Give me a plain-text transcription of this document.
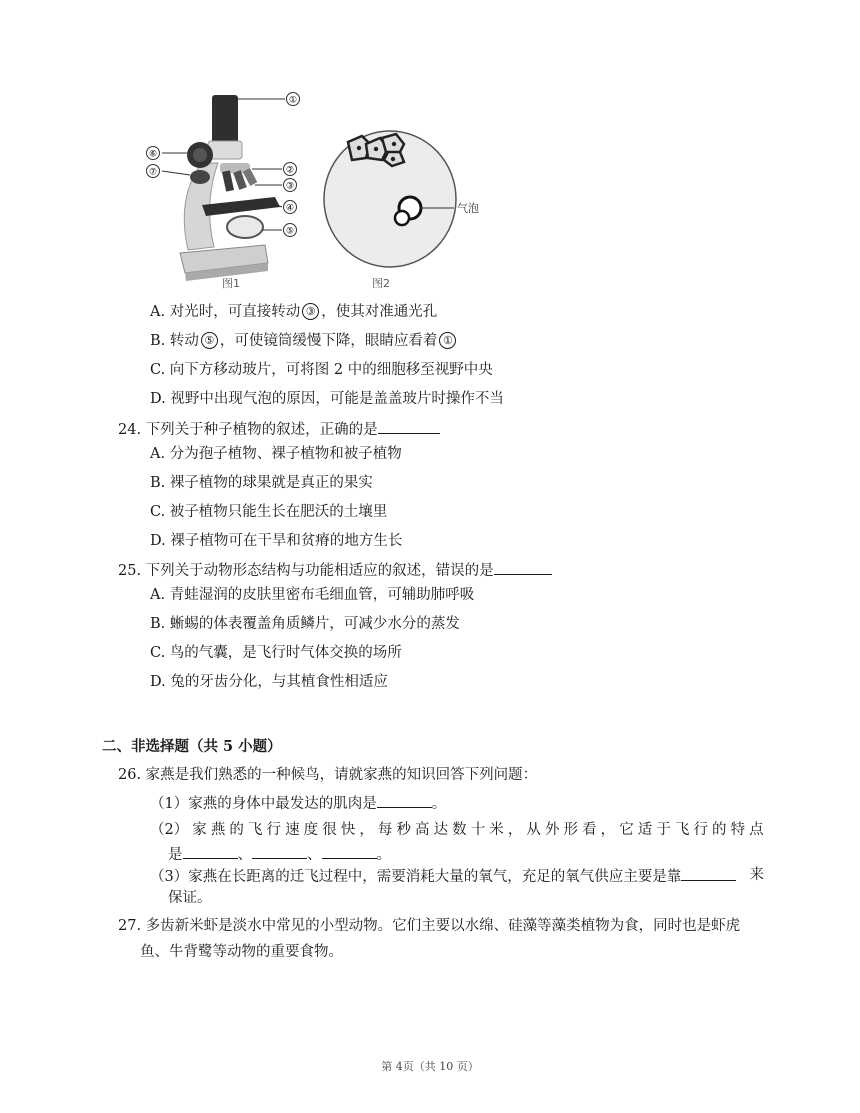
①
②
③
④
⑤
⑥
⑦
图1
气泡
图2
A. 对光时，可直接转动 ③ ，使其对准通光孔
B. 转动 ⑤ ，可使镜筒缓慢下降，眼睛应看着 ①
C. 向下方移动玻片，可将图 2 中的细胞移至视野中央
D. 视野中出现气泡的原因，可能是盖盖玻片时操作不当
24. 下列关于种子植物的叙述，正确的是
A. 分为孢子植物、裸子植物和被子植物
B. 裸子植物的球果就是真正的果实
C. 被子植物只能生长在肥沃的土壤里
D. 裸子植物可在干旱和贫瘠的地方生长
25. 下列关于动物形态结构与功能相适应的叙述，错误的是
A. 青蛙湿润的皮肤里密布毛细血管，可辅助肺呼吸
B. 蜥蜴的体表覆盖角质鳞片，可减少水分的蒸发
C. 鸟的气囊，是飞行时气体交换的场所
D. 兔的牙齿分化，与其植食性相适应
二、非选择题（共 5 小题）
26. 家燕是我们熟悉的一种候鸟，请就家燕的知识回答下列问题：
（1）家燕的身体中最发达的肌肉是	。
（2） 家 燕 的 飞 行 速 度 很 快 ， 每 秒 高 达 数 十 米 ， 从 外 形 看 ， 它 适 于 飞 行 的 特 点
是	、	、	。
（3）家燕在长距离的迁飞过程中，需要消耗大量的氧气，充足的氧气供应主要是靠	来
保证。
27. 多齿新米虾是淡水中常见的小型动物。它们主要以水绵、硅藻等藻类植物为食，同时也是虾虎
鱼、牛背鹭等动物的重要食物。
第 4页（共 10 页）
